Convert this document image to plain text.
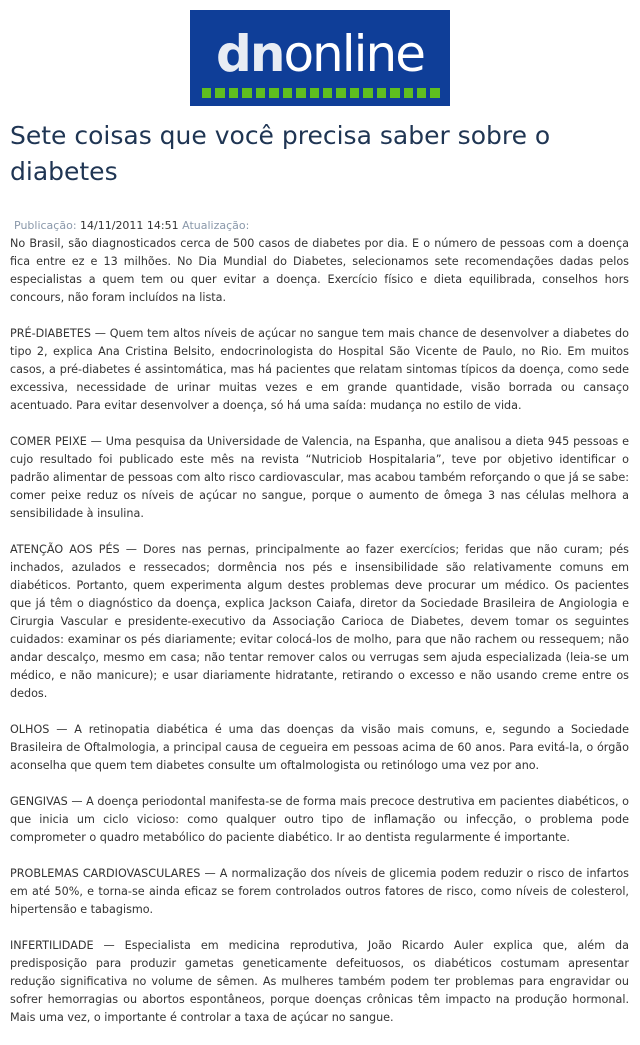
dnonline
Sete coisas que você precisa saber sobre o diabetes
Publicação: 14/11/2011 14:51 Atualização:

No Brasil, são diagnosticados cerca de 500 casos de diabetes por dia. E o número de pessoas com a doença fica entre ez e 13 milhões. No Dia Mundial do Diabetes, selecionamos sete recomendações dadas pelos especialistas a quem tem ou quer evitar a doença. Exercício físico e dieta equilibrada, conselhos hors concours, não foram incluídos na lista.

PRÉ-DIABETES — Quem tem altos níveis de açúcar no sangue tem mais chance de desenvolver a diabetes do tipo 2, explica Ana Cristina Belsito, endocrinologista do Hospital São Vicente de Paulo, no Rio. Em muitos casos, a pré-diabetes é assintomática, mas há pacientes que relatam sintomas típicos da doença, como sede excessiva, necessidade de urinar muitas vezes e em grande quantidade, visão borrada ou cansaço acentuado. Para evitar desenvolver a doença, só há uma saída: mudança no estilo de vida.

COMER PEIXE — Uma pesquisa da Universidade de Valencia, na Espanha, que analisou a dieta 945 pessoas e cujo resultado foi publicado este mês na revista “Nutriciob Hospitalaria”, teve por objetivo identificar o padrão alimentar de pessoas com alto risco cardiovascular, mas acabou também reforçando o que já se sabe: comer peixe reduz os níveis de açúcar no sangue, porque o aumento de ômega 3 nas células melhora a sensibilidade à insulina.

ATENÇÃO AOS PÉS — Dores nas pernas, principalmente ao fazer exercícios; feridas que não curam; pés inchados, azulados e ressecados; dormência nos pés e insensibilidade são relativamente comuns em diabéticos. Portanto, quem experimenta algum destes problemas deve procurar um médico. Os pacientes que já têm o diagnóstico da doença, explica Jackson Caiafa, diretor da Sociedade Brasileira de Angiologia e Cirurgia Vascular e presidente-executivo da Associação Carioca de Diabetes, devem tomar os seguintes cuidados: examinar os pés diariamente; evitar colocá-los de molho, para que não rachem ou ressequem; não andar descalço, mesmo em casa; não tentar remover calos ou verrugas sem ajuda especializada (leia-se um médico, e não manicure); e usar diariamente hidratante, retirando o excesso e não usando creme entre os dedos.

OLHOS — A retinopatia diabética é uma das doenças da visão mais comuns, e, segundo a Sociedade Brasileira de Oftalmologia, a principal causa de cegueira em pessoas acima de 60 anos. Para evitá-la, o órgão aconselha que quem tem diabetes consulte um oftalmologista ou retinólogo uma vez por ano.

GENGIVAS — A doença periodontal manifesta-se de forma mais precoce destrutiva em pacientes diabéticos, o que inicia um ciclo vicioso: como qualquer outro tipo de inflamação ou infecção, o problema pode comprometer o quadro metabólico do paciente diabético. Ir ao dentista regularmente é importante.

PROBLEMAS CARDIOVASCULARES — A normalização dos níveis de glicemia podem reduzir o risco de infartos em até 50%, e torna-se ainda eficaz se forem controlados outros fatores de risco, como níveis de colesterol, hipertensão e tabagismo.

INFERTILIDADE — Especialista em medicina reprodutiva, João Ricardo Auler explica que, além da predisposição para produzir gametas geneticamente defeituosos, os diabéticos costumam apresentar redução significativa no volume de sêmen. As mulheres também podem ter problemas para engravidar ou sofrer hemorragias ou abortos espontâneos, porque doenças crônicas têm impacto na produção hormonal. Mais uma vez, o importante é controlar a taxa de açúcar no sangue.
